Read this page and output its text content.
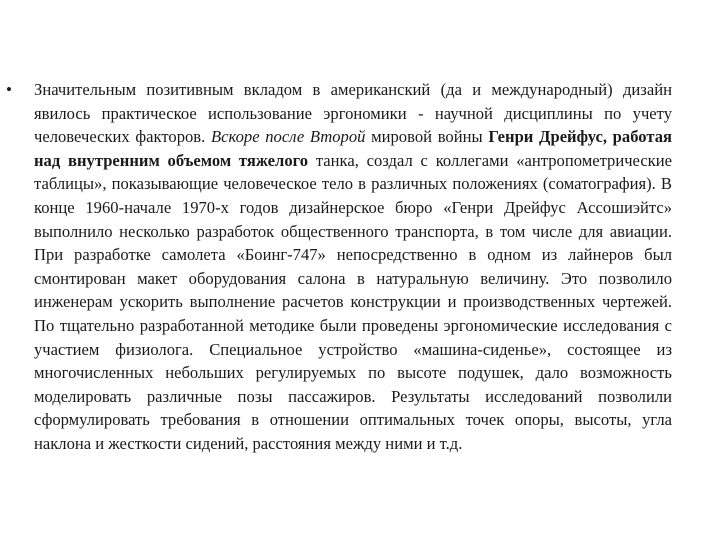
• Значительным позитивным вкладом в американский (да и международный) дизайн явилось практическое использование эргономики - научной дисциплины по учету человеческих факторов. Вскоре после Второй мировой войны Генри Дрейфус, работая над внутренним объемом тяжелого танка, создал с коллегами «антропометрические таблицы», показывающие человеческое тело в различных положениях (соматография). В конце 1960-начале 1970-х годов дизайнерское бюро «Генри Дрейфус Ассошиэйтс» выполнило несколько разработок общественного транспорта, в том числе для авиации. При разработке самолета «Боинг-747» непосредственно в одном из лайнеров был смонтирован макет оборудования салона в натуральную величину. Это позволило инженерам ускорить выполнение расчетов конструкции и производственных чертежей. По тщательно разработанной методике были проведены эргономические исследования с участием физиолога. Специальное устройство «машина-сиденье», состоящее из многочисленных небольших регулируемых по высоте подушек, дало возможность моделировать различные позы пассажиров. Результаты исследований позволили сформулировать требования в отношении оптимальных точек опоры, высоты, угла наклона и жесткости сидений, расстояния между ними и т.д.
